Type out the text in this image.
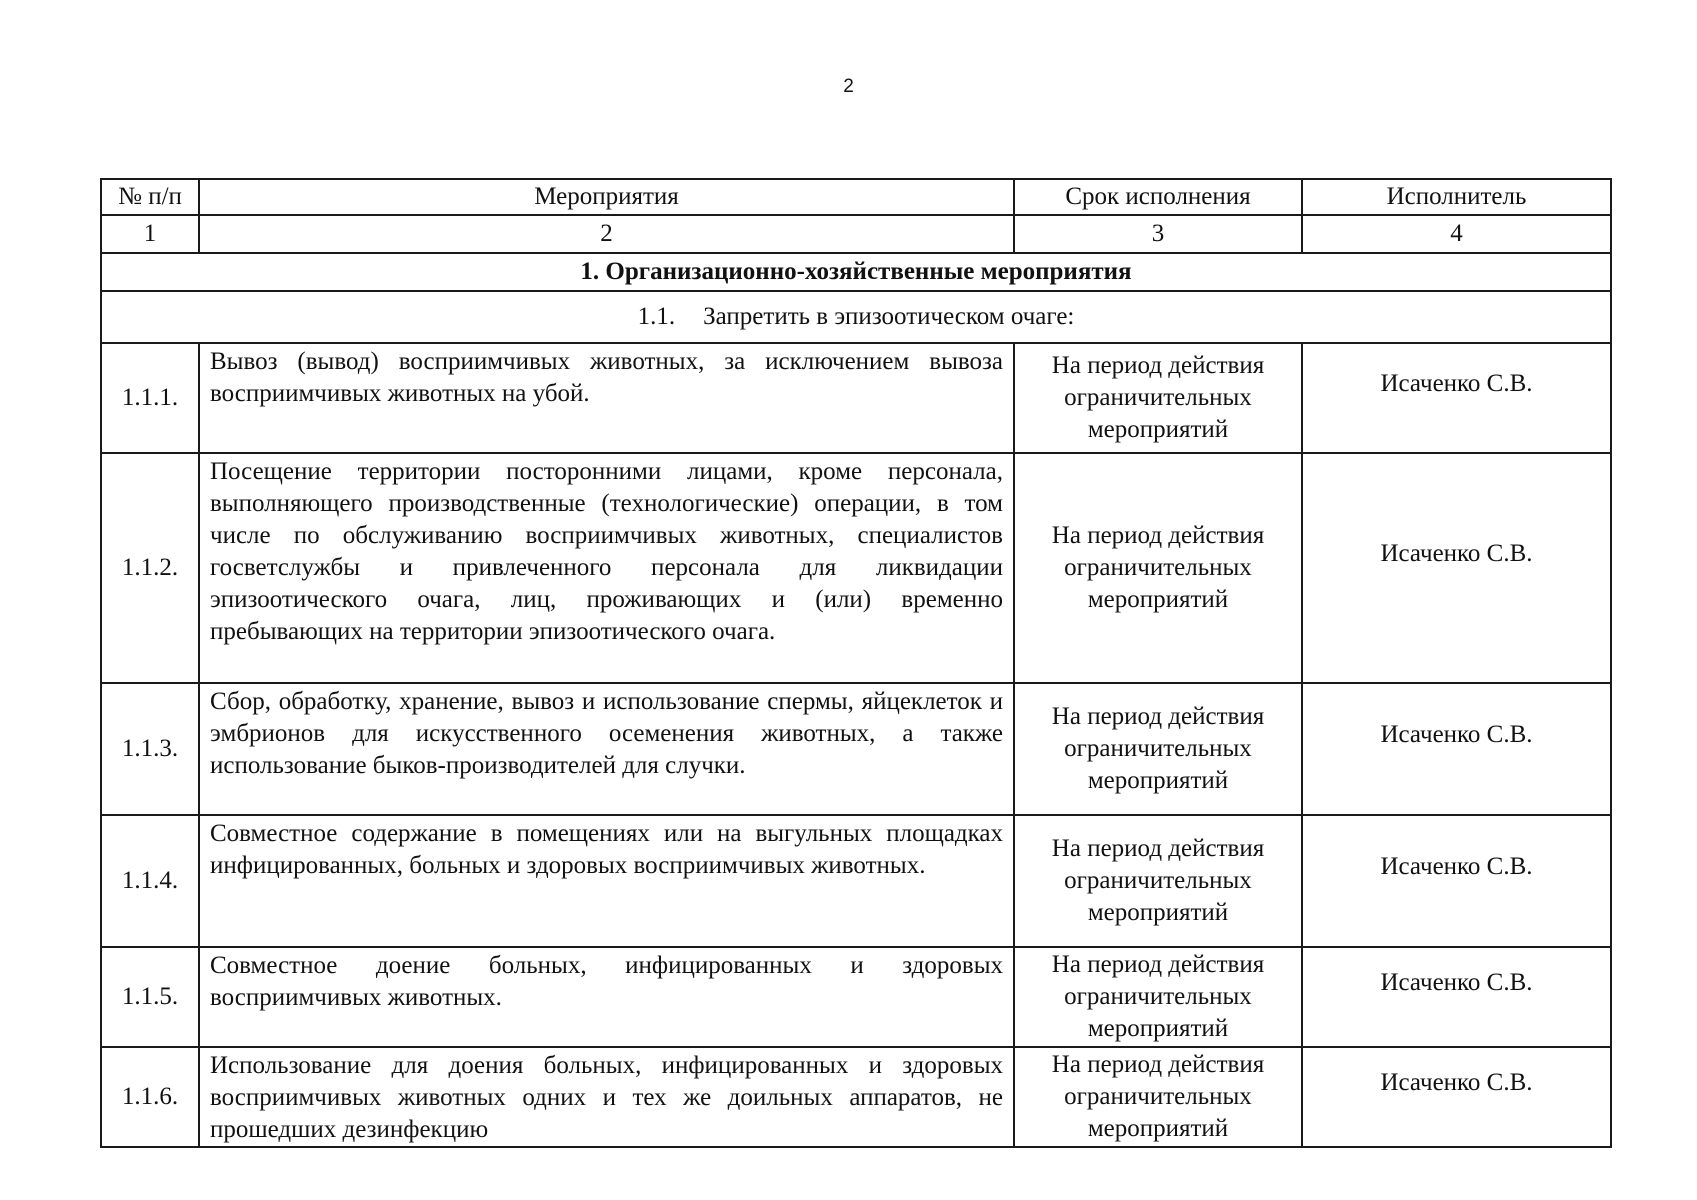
2
№ п/п	Мероприятия	Срок исполнения	Исполнитель
1	2	3	4
1. Организационно-хозяйственные мероприятия			
1.1. Запретить в эпизоотическом очаге:			
1.1.1.	Вывоз (вывод) восприимчивых животных, за исключением вывоза восприимчивых животных на убой.	На период действия ограничительных мероприятий	Исаченко С.В.
1.1.2.	Посещение территории посторонними лицами, кроме персонала, выполняющего производственные (технологические) операции, в том числе по обслуживанию восприимчивых животных, специалистов госветслужбы и привлеченного персонала для ликвидации эпизоотического очага, лиц, проживающих и (или) временно пребывающих на территории эпизоотического очага.	На период действия ограничительных мероприятий	Исаченко С.В.
1.1.3.	Сбор, обработку, хранение, вывоз и использование спермы, яйцеклеток и эмбрионов для искусственного осеменения животных, а также использование быков-производителей для случки.	На период действия ограничительных мероприятий	Исаченко С.В.
1.1.4.	Совместное содержание в помещениях или на выгульных площадках инфицированных, больных и здоровых восприимчивых животных.	На период действия ограничительных мероприятий	Исаченко С.В.
1.1.5.	Совместное доение больных, инфицированных и здоровых восприимчивых животных.	На период действия ограничительных мероприятий	Исаченко С.В.
1.1.6.	Использование для доения больных, инфицированных и здоровых восприимчивых животных одних и тех же доильных аппаратов, не прошедших дезинфекцию	На период действия ограничительных мероприятий	Исаченко С.В.
